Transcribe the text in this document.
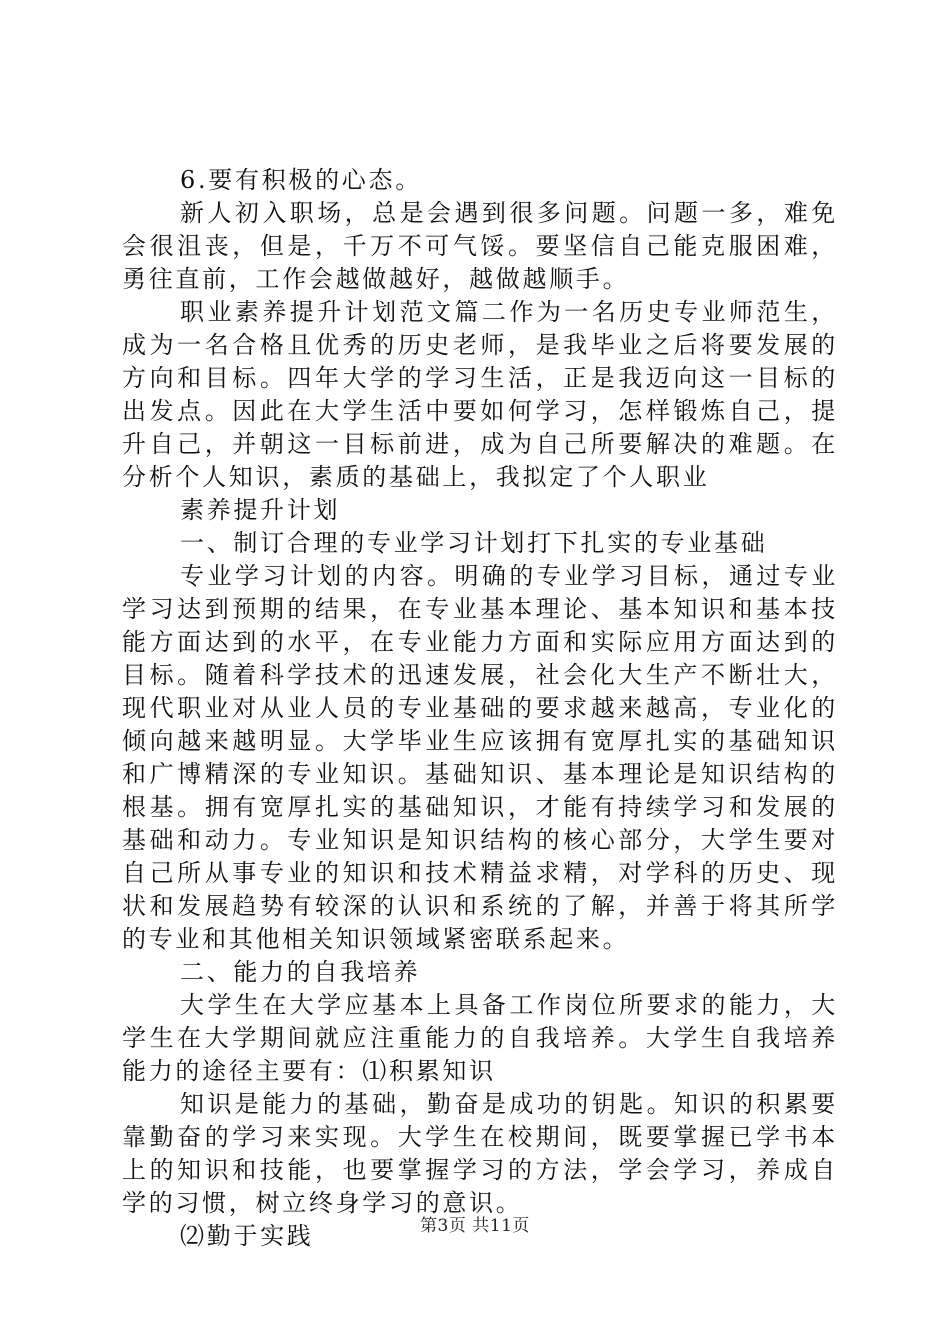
6.要有积极的心态。

新人初入职场，总是会遇到很多问题。问题一多，难免会很沮丧，但是，千万不可气馁。要坚信自己能克服困难，勇往直前，工作会越做越好，越做越顺手。

职业素养提升计划范文篇二作为一名历史专业师范生，成为一名合格且优秀的历史老师，是我毕业之后将要发展的方向和目标。四年大学的学习生活，正是我迈向这一目标的出发点。因此在大学生活中要如何学习，怎样锻炼自己，提升自己，并朝这一目标前进，成为自己所要解决的难题。在分析个人知识，素质的基础上，我拟定了个人职业

素养提升计划

一、制订合理的专业学习计划打下扎实的专业基础

专业学习计划的内容。明确的专业学习目标，通过专业学习达到预期的结果，在专业基本理论、基本知识和基本技能方面达到的水平，在专业能力方面和实际应用方面达到的目标。随着科学技术的迅速发展，社会化大生产不断壮大，现代职业对从业人员的专业基础的要求越来越高，专业化的倾向越来越明显。大学毕业生应该拥有宽厚扎实的基础知识和广博精深的专业知识。基础知识、基本理论是知识结构的根基。拥有宽厚扎实的基础知识，才能有持续学习和发展的基础和动力。专业知识是知识结构的核心部分，大学生要对自己所从事专业的知识和技术精益求精，对学科的历史、现状和发展趋势有较深的认识和系统的了解，并善于将其所学的专业和其他相关知识领域紧密联系起来。

二、能力的自我培养

大学生在大学应基本上具备工作岗位所要求的能力，大学生在大学期间就应注重能力的自我培养。大学生自我培养能力的途径主要有：⑴积累知识

知识是能力的基础，勤奋是成功的钥匙。知识的积累要靠勤奋的学习来实现。大学生在校期间，既要掌握已学书本上的知识和技能，也要掌握学习的方法，学会学习，养成自学的习惯，树立终身学习的意识。

⑵勤于实践	第3页 共11页
